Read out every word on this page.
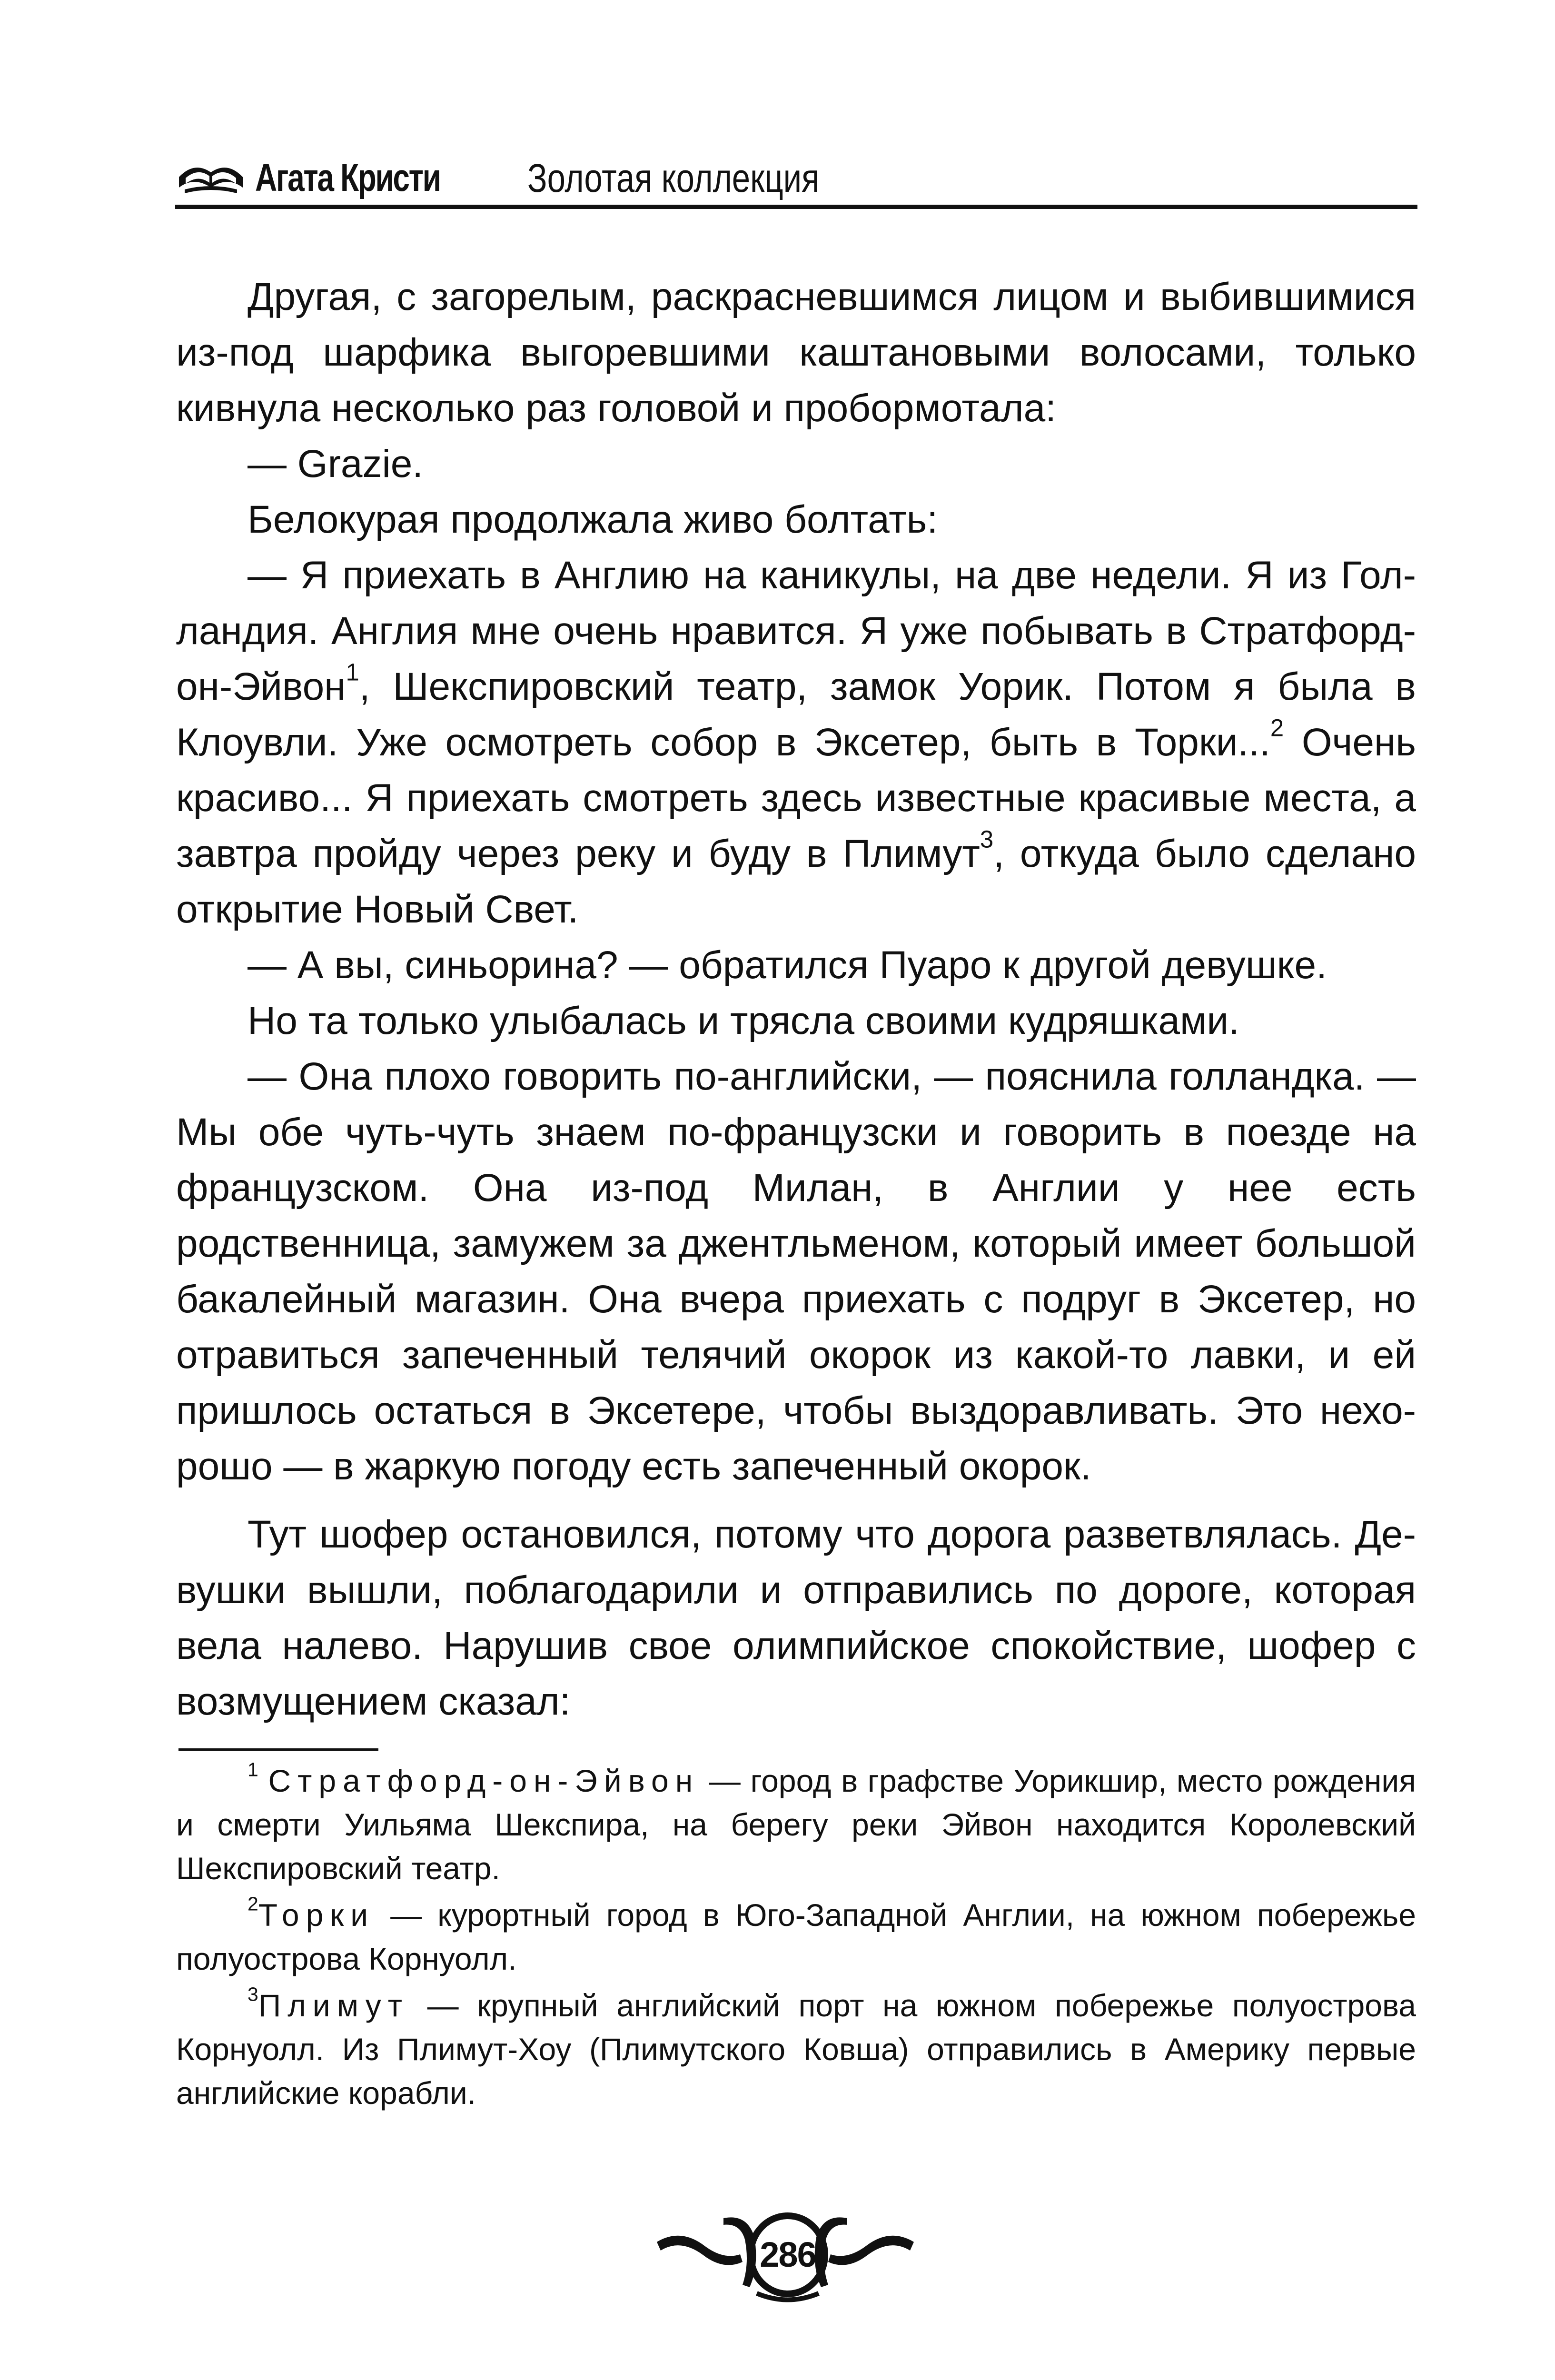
Агата Кристи Золотая коллекция

Другая, с загорелым, раскрасневшимся лицом и выбившимися из-под шарфика выгоревшими каштановыми волосами, только кивнула несколько раз головой и пробормотала:

— Grazie.

Белокурая продолжала живо болтать:

— Я приехать в Англию на каникулы, на две недели. Я из Голландия. Англия мне очень нравится. Я уже побывать в Стратфорд-он-Эйвон$^1$, Шекспировский театр, замок Уорик. Потом я была в Клоувли. Уже осмотреть собор в Эксетер, быть в Торки...$^2$ Очень красиво... Я приехать смотреть здесь известные красивые места, а завтра пройду через реку и буду в Плимут$^3$, откуда было сделано открытие Новый Свет.

— А вы, синьорина? — обратился Пуаро к другой девушке.

Но та только улыбалась и трясла своими кудряшками.

— Она плохо говорить по-английски, — пояснила голландка. — Мы обе чуть-чуть знаем по-французски и говорить в поезде на французском. Она из-под Милан, в Англии у нее есть родственница, замужем за джентльменом, который имеет большой бакалейный магазин. Она вчера приехать с подруг в Эксетер, но отравиться запеченный телячий окорок из какой-то лавки, и ей пришлось остаться в Эксетере, чтобы выздоравливать. Это нехорошо — в жаркую погоду есть запеченный окорок.

Тут шофер остановился, потому что дорога разветвлялась. Девушки вышли, поблагодарили и отправились по дороге, которая вела налево. Нарушив свое олимпийское спокойствие, шофер с возмущением сказал:

$^1$ Стратфорд-он-Эйвон — город в графстве Уорикшир, место рождения и смерти Уильяма Шекспира, на берегу реки Эйвон находится Королевский Шекспировский театр.

$^2$Торки — курортный город в Юго-Западной Англии, на южном побережье полуострова Корнуолл.

$^3$Плимут — крупный английский порт на южном побережье полуострова Корнуолл. Из Плимут-Хоу (Плимутского Ковша) отправились в Америку первые английские корабли.

286
